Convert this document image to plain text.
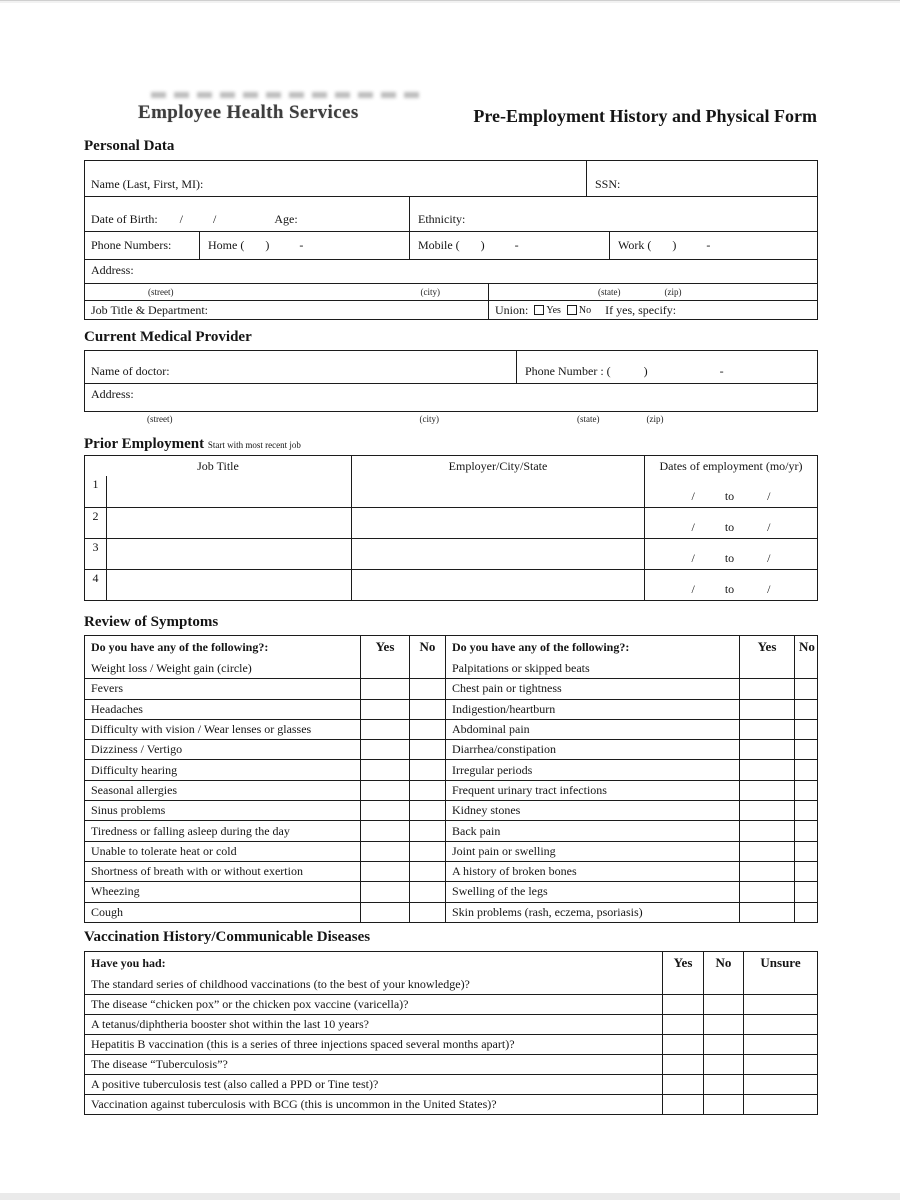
Employee Health Services	Pre-Employment History and Physical Form
Personal Data
Name (Last, First, MI):	SSN:
Date of Birth: /          /	Age:	Ethnicity:
Phone Numbers:	Home (       )          -	Mobile (       )          -	Work (       )          -
Address:
(street)	(city)	(state)	(zip)
Job Title & Department:	Union: Yes No If yes, specify:
Current Medical Provider
Name of doctor:	Phone Number : (           )                        -
Address:
(street)	(city)	(state)	(zip)
Prior Employment Start with most recent job
Job Title	Employer/City/State	Dates of employment (mo/yr)
1
/          to           /
2
/          to           /
3
/          to           /
4
/          to           /
Review of Symptoms
Do you have any of the following?:	Yes	No	Do you have any of the following?:	Yes	No
Weight loss / Weight gain (circle)	Palpitations or skipped beats
Fevers	Chest pain or tightness
Headaches	Indigestion/heartburn
Difficulty with vision / Wear lenses or glasses	Abdominal pain
Dizziness / Vertigo	Diarrhea/constipation
Difficulty hearing	Irregular periods
Seasonal allergies	Frequent urinary tract infections
Sinus problems	Kidney stones
Tiredness or falling asleep during the day	Back pain
Unable to tolerate heat or cold	Joint pain or swelling
Shortness of breath with or without exertion	A history of broken bones
Wheezing	Swelling of the legs
Cough	Skin problems (rash, eczema, psoriasis)
Vaccination History/Communicable Diseases
Have you had:	Yes	No	Unsure
The standard series of childhood vaccinations (to the best of your knowledge)?
The disease “chicken pox” or the chicken pox vaccine (varicella)?
A tetanus/diphtheria booster shot within the last 10 years?
Hepatitis B vaccination (this is a series of three injections spaced several months apart)?
The disease “Tuberculosis”?
A positive tuberculosis test (also called a PPD or Tine test)?
Vaccination against tuberculosis with BCG (this is uncommon in the United States)?
